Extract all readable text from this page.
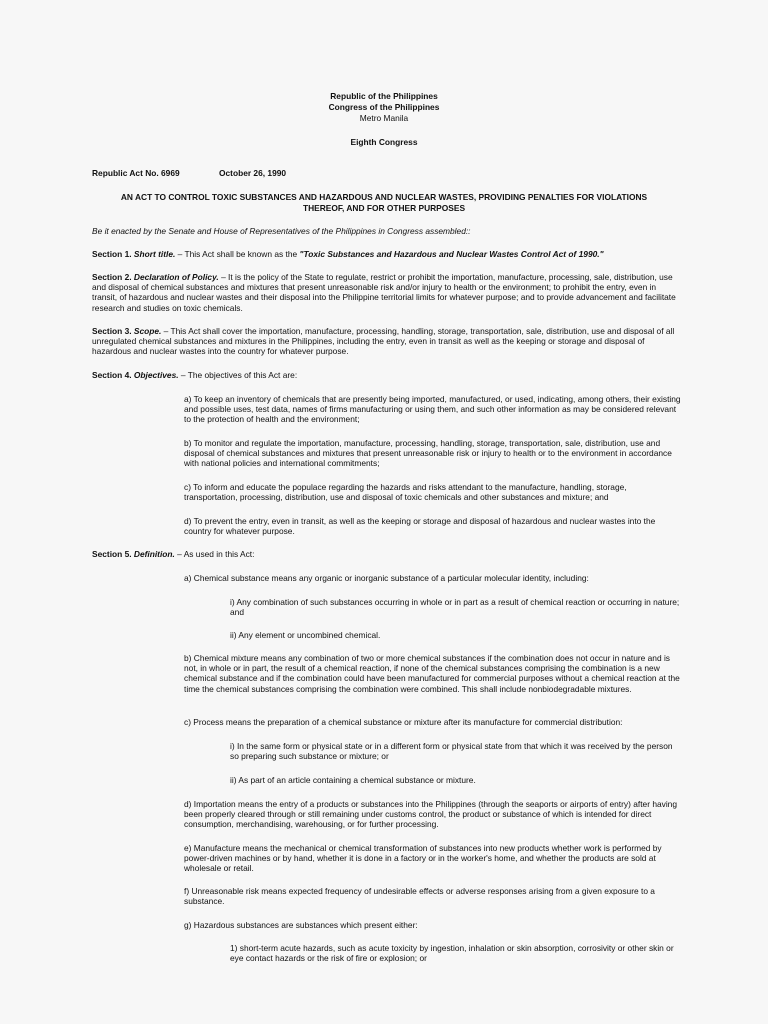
Republic of the Philippines
Congress of the Philippines
Metro Manila
Eighth Congress
Republic Act No. 6969	October 26, 1990
AN ACT TO CONTROL TOXIC SUBSTANCES AND HAZARDOUS AND NUCLEAR WASTES, PROVIDING PENALTIES FOR VIOLATIONS
THEREOF, AND FOR OTHER PURPOSES
Be it enacted by the Senate and House of Representatives of the Philippines in Congress assembled::
Section 1. Short title. – This Act shall be known as the "Toxic Substances and Hazardous and Nuclear Wastes Control Act of 1990."
Section 2. Declaration of Policy. – It is the policy of the State to regulate, restrict or prohibit the importation, manufacture, processing, sale, distribution, use and disposal of chemical substances and mixtures that present unreasonable risk and/or injury to health or the environment; to prohibit the entry, even in transit, of hazardous and nuclear wastes and their disposal into the Philippine territorial limits for whatever purpose; and to provide advancement and facilitate research and studies on toxic chemicals.
Section 3. Scope. – This Act shall cover the importation, manufacture, processing, handling, storage, transportation, sale, distribution, use and disposal of all unregulated chemical substances and mixtures in the Philippines, including the entry, even in transit as well as the keeping or storage and disposal of hazardous and nuclear wastes into the country for whatever purpose.
Section 4. Objectives. – The objectives of this Act are:
a) To keep an inventory of chemicals that are presently being imported, manufactured, or used, indicating, among others, their existing and possible uses, test data, names of firms manufacturing or using them, and such other information as may be considered relevant to the protection of health and the environment;
b) To monitor and regulate the importation, manufacture, processing, handling, storage, transportation, sale, distribution, use and disposal of chemical substances and mixtures that present unreasonable risk or injury to health or to the environment in accordance with national policies and international commitments;
c) To inform and educate the populace regarding the hazards and risks attendant to the manufacture, handling, storage, transportation, processing, distribution, use and disposal of toxic chemicals and other substances and mixture; and
d) To prevent the entry, even in transit, as well as the keeping or storage and disposal of hazardous and nuclear wastes into the country for whatever purpose.
Section 5. Definition. – As used in this Act:
a) Chemical substance means any organic or inorganic substance of a particular molecular identity, including:
i) Any combination of such substances occurring in whole or in part as a result of chemical reaction or occurring in nature; and
ii) Any element or uncombined chemical.
b) Chemical mixture means any combination of two or more chemical substances if the combination does not occur in nature and is not, in whole or in part, the result of a chemical reaction, if none of the chemical substances comprising the combination is a new chemical substance and if the combination could have been manufactured for commercial purposes without a chemical reaction at the time the chemical substances comprising the combination were combined. This shall include nonbiodegradable mixtures.
c) Process means the preparation of a chemical substance or mixture after its manufacture for commercial distribution:
i) In the same form or physical state or in a different form or physical state from that which it was received by the person so preparing such substance or mixture; or
ii) As part of an article containing a chemical substance or mixture.
d) Importation means the entry of a products or substances into the Philippines (through the seaports or airports of entry) after having been properly cleared through or still remaining under customs control, the product or substance of which is intended for direct consumption, merchandising, warehousing, or for further processing.
e) Manufacture means the mechanical or chemical transformation of substances into new products whether work is performed by power-driven machines or by hand, whether it is done in a factory or in the worker's home, and whether the products are sold at wholesale or retail.
f) Unreasonable risk means expected frequency of undesirable effects or adverse responses arising from a given exposure to a substance.
g) Hazardous substances are substances which present either:
1) short-term acute hazards, such as acute toxicity by ingestion, inhalation or skin absorption, corrosivity or other skin or eye contact hazards or the risk of fire or explosion; or
